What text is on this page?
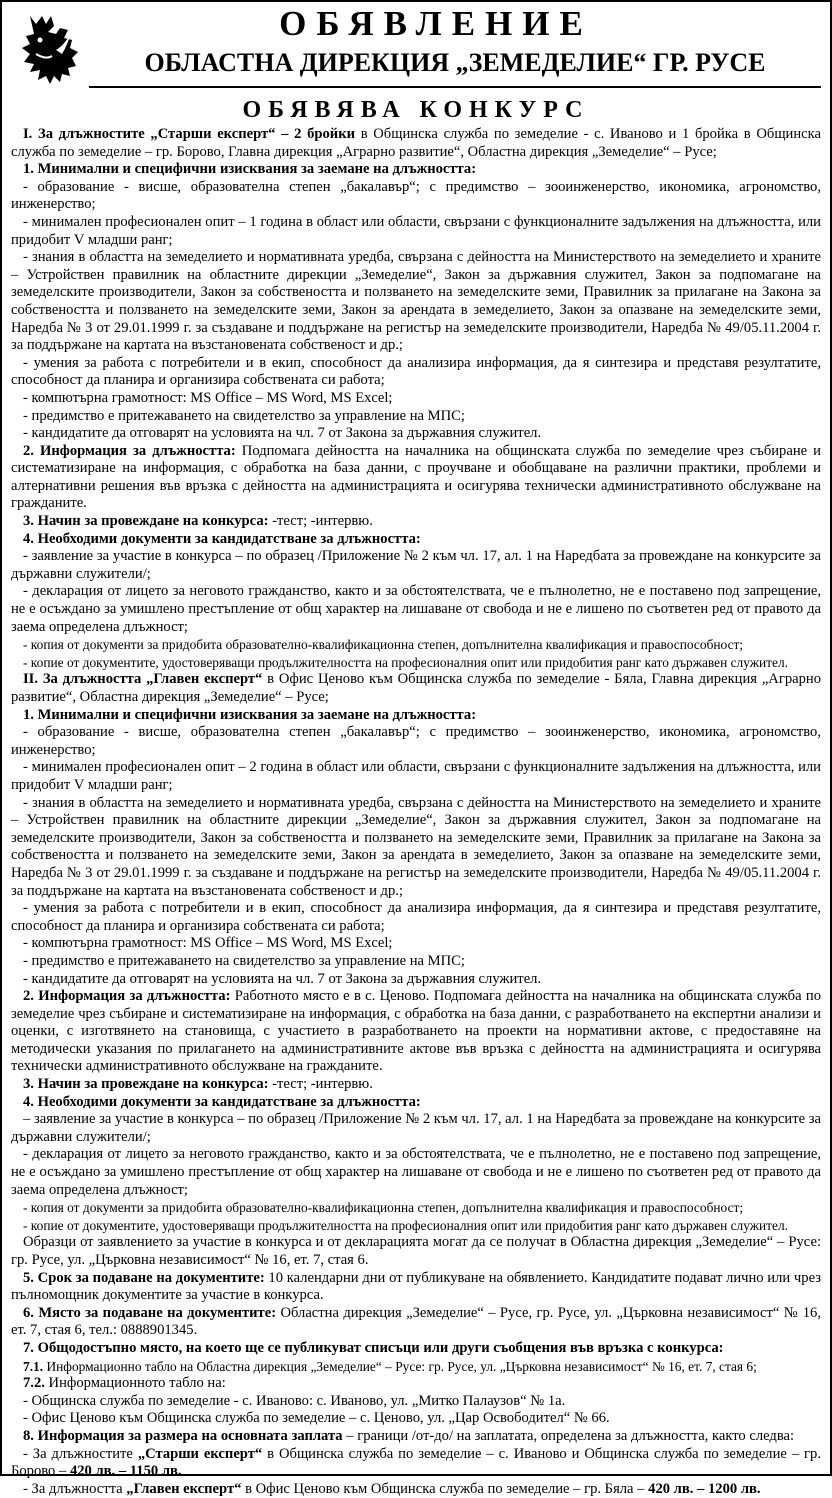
ОБЯВЛЕНИЕ
ОБЛАСТНА ДИРЕКЦИЯ „ЗЕМЕДЕЛИЕ“ ГР. РУСЕ
ОБЯВЯВА КОНКУРС

I. За длъжностите „Старши експерт“ – 2 бройки в Общинска служба по земеделие - с. Иваново и 1 бройка в Общинска служба по земеделие – гр. Борово, Главна дирекция „Аграрно развитие“, Областна дирекция „Земеделие“ – Русе;

1. Минимални и специфични изисквания за заемане на длъжността:

- образование - висше, образователна степен „бакалавър“; с предимство – зооинженерство, икономика, агрономство, инженерство;

- минимален професионален опит – 1 година в област или области, свързани с функционалните задължения на длъжността, или придобит V младши ранг;

- знания в областта на земеделието и нормативната уредба, свързана с дейността на Министерството на земеделието и храните – Устройствен правилник на областните дирекции „Земеделие“, Закон за държавния служител, Закон за подпомагане на земеделските производители, Закон за собствеността и ползването на земеделските земи, Правилник за прилагане на Закона за собствеността и ползването на земеделските земи, Закон за арендата в земеделието, Закон за опазване на земеделските земи, Наредба № 3 от 29.01.1999 г. за създаване и поддържане на регистър на земеделските производители, Наредба № 49/05.11.2004 г. за поддържане на картата на възстановената собственост и др.;

- умения за работа с потребители и в екип, способност да анализира информация, да я синтезира и представя резултатите, способност да планира и организира собствената си работа;

- компютърна грамотност: MS Office – MS Word, MS Excel;

- предимство е притежаването на свидетелство за управление на МПС;

- кандидатите да отговарят на условията на чл. 7 от Закона за държавния служител.

2. Информация за длъжността: Подпомага дейността на началника на общинската служба по земеделие чрез събиране и систематизиране на информация, с обработка на база данни, с проучване и обобщаване на различни практики, проблеми и алтернативни решения във връзка с дейността на администрацията и осигурява технически административното обслужване на гражданите.

3. Начин за провеждане на конкурса: -тест; -интервю.

4. Необходими документи за кандидатстване за длъжността:

- заявление за участие в конкурса – по образец /Приложение № 2 към чл. 17, ал. 1 на Наредбата за провеждане на конкурсите за държавни служители/;

- декларация от лицето за неговото гражданство, както и за обстоятелствата, че е пълнолетно, не е поставено под запрещение, не е осъждано за умишлено престъпление от общ характер на лишаване от свобода и не е лишено по съответен ред от правото да заема определена длъжност;

- копия от документи за придобита образователно-квалификационна степен, допълнителна квалификация и правоспособност;

- копие от документите, удостоверяващи продължителността на професионалния опит или придобития ранг като държавен служител.

II. За длъжността „Главен експерт“ в Офис Ценово към Общинска служба по земеделие - Бяла, Главна дирекция „Аграрно развитие“, Областна дирекция „Земеделие“ – Русе;

1. Минимални и специфични изисквания за заемане на длъжността:

- образование - висше, образователна степен „бакалавър“; с предимство – зооинженерство, икономика, агрономство, инженерство;

- минимален професионален опит – 2 година в област или области, свързани с функционалните задължения на длъжността, или придобит V младши ранг;

- знания в областта на земеделието и нормативната уредба, свързана с дейността на Министерството на земеделието и храните – Устройствен правилник на областните дирекции „Земеделие“, Закон за държавния служител, Закон за подпомагане на земеделските производители, Закон за собствеността и ползването на земеделските земи, Правилник за прилагане на Закона за собствеността и ползването на земеделските земи, Закон за арендата в земеделието, Закон за опазване на земеделските земи, Наредба № 3 от 29.01.1999 г. за създаване и поддържане на регистър на земеделските производители, Наредба № 49/05.11.2004 г. за поддържане на картата на възстановената собственост и др.;

- умения за работа с потребители и в екип, способност да анализира информация, да я синтезира и представя резултатите, способност да планира и организира собствената си работа;

- компютърна грамотност: MS Office – MS Word, MS Excel;

- предимство е притежаването на свидетелство за управление на МПС;

- кандидатите да отговарят на условията на чл. 7 от Закона за държавния служител.

2. Информация за длъжността: Работното място е в с. Ценово. Подпомага дейността на началника на общинската служба по земеделие чрез събиране и систематизиране на информация, с обработка на база данни, с разработването на експертни анализи и оценки, с изготвянето на становища, с участието в разработването на проекти на нормативни актове, с предоставяне на методически указания по прилагането на административните актове във връзка с дейността на администрацията и осигурява технически административното обслужване на гражданите.

3. Начин за провеждане на конкурса: -тест; -интервю.

4. Необходими документи за кандидатстване за длъжността:

– заявление за участие в конкурса – по образец /Приложение № 2 към чл. 17, ал. 1 на Наредбата за провеждане на конкурсите за държавни служители/;

- декларация от лицето за неговото гражданство, както и за обстоятелствата, че е пълнолетно, не е поставено под запрещение, не е осъждано за умишлено престъпление от общ характер на лишаване от свобода и не е лишено по съответен ред от правото да заема определена длъжност;

- копия от документи за придобита образователно-квалификационна степен, допълнителна квалификация и правоспособност;

- копие от документите, удостоверяващи продължителността на професионалния опит или придобития ранг като държавен служител.

Образци от заявлението за участие в конкурса и от декларацията могат да се получат в Областна дирекция „Земеделие“ – Русе: гр. Русе, ул. „Църковна независимост“ № 16, ет. 7, стая 6.

5. Срок за подаване на документите: 10 календарни дни от публикуване на обявлението. Кандидатите подават лично или чрез пълномощник документите за участие в конкурса.

6. Място за подаване на документите: Областна дирекция „Земеделие“ – Русе, гр. Русе, ул. „Църковна независимост“ № 16, ет. 7, стая 6, тел.: 0888901345.

7. Общодостъпно място, на което ще се публикуват списъци или други съобщения във връзка с конкурса:

7.1. Информационно табло на Областна дирекция „Земеделие“ – Русе: гр. Русе, ул. „Църковна независимост“ № 16, ет. 7, стая 6;

7.2. Информационното табло на:

- Общинска служба по земеделие - с. Иваново: с. Иваново, ул. „Митко Палаузов“ № 1а.

- Офис Ценово към Общинска служба по земеделие – с. Ценово, ул. „Цар Освободител“ № 66.

8. Информация за размера на основната заплата – граници /от-до/ на заплатата, определена за длъжността, както следва:

- За длъжностите „Старши експерт“ в Общинска служба по земеделие – с. Иваново и Общинска служба по земеделие – гр. Борово – 420 лв. – 1150 лв.

- За длъжността „Главен експерт“ в Офис Ценово към Общинска служба по земеделие – гр. Бяла – 420 лв. – 1200 лв.
